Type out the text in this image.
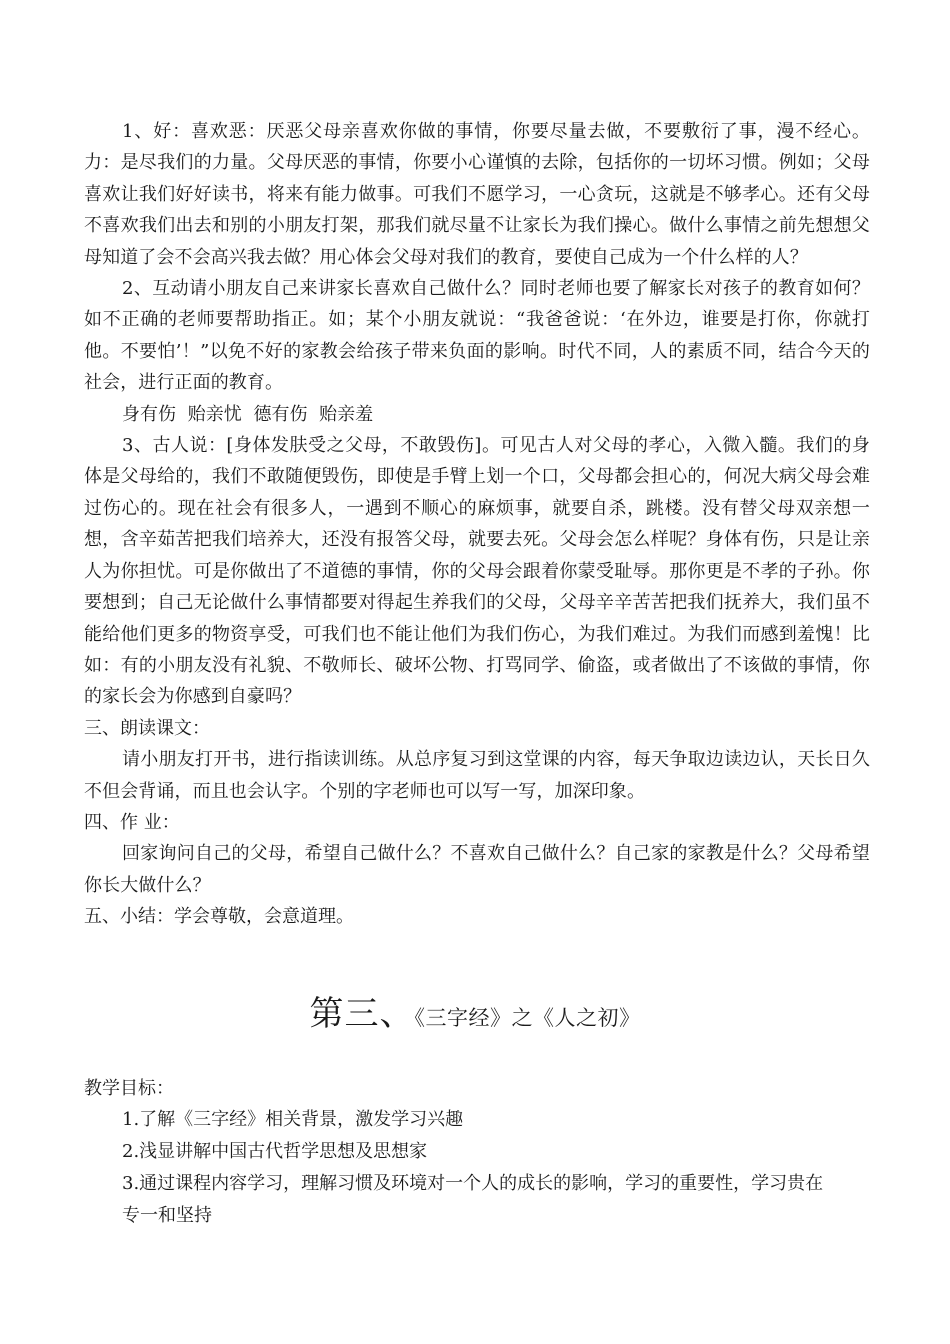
1、好：喜欢恶：厌恶父母亲喜欢你做的事情，你要尽量去做，不要敷衍了事，漫不经心。力：是尽我们的力量。父母厌恶的事情，你要小心谨慎的去除，包括你的一切坏习惯。例如；父母喜欢让我们好好读书，将来有能力做事。可我们不愿学习，一心贪玩，这就是不够孝心。还有父母不喜欢我们出去和别的小朋友打架，那我们就尽量不让家长为我们操心。做什么事情之前先想想父母知道了会不会高兴我去做？用心体会父母对我们的教育，要使自己成为一个什么样的人？

2、互动请小朋友自己来讲家长喜欢自己做什么？同时老师也要了解家长对孩子的教育如何？如不正确的老师要帮助指正。如；某个小朋友就说：“我爸爸说：‘在外边，谁要是打你，你就打他。不要怕’！”以免不好的家教会给孩子带来负面的影响。时代不同，人的素质不同，结合今天的社会，进行正面的教育。

身有伤 贻亲忧 德有伤 贻亲羞

3、古人说：[身体发肤受之父母，不敢毁伤]。可见古人对父母的孝心，入微入髓。我们的身体是父母给的，我们不敢随便毁伤，即使是手臂上划一个口，父母都会担心的，何况大病父母会难过伤心的。现在社会有很多人，一遇到不顺心的麻烦事，就要自杀，跳楼。没有替父母双亲想一想，含辛茹苦把我们培养大，还没有报答父母，就要去死。父母会怎么样呢？身体有伤，只是让亲人为你担忧。可是你做出了不道德的事情，你的父母会跟着你蒙受耻辱。那你更是不孝的子孙。你要想到；自己无论做什么事情都要对得起生养我们的父母，父母辛辛苦苦把我们抚养大，我们虽不能给他们更多的物资享受，可我们也不能让他们为我们伤心，为我们难过。为我们而感到羞愧！比如：有的小朋友没有礼貌、不敬师长、破坏公物、打骂同学、偷盗，或者做出了不该做的事情，你的家长会为你感到自豪吗？

三、朗读课文：

请小朋友打开书，进行指读训练。从总序复习到这堂课的内容，每天争取边读边认，天长日久不但会背诵，而且也会认字。个别的字老师也可以写一写，加深印象。

四、作 业：

回家询问自己的父母，希望自己做什么？不喜欢自己做什么？自己家的家教是什么？父母希望你长大做什么？

五、小结：学会尊敬，会意道理。

第三、《三字经》之《人之初》

教学目标：

1.了解《三字经》相关背景，激发学习兴趣

2.浅显讲解中国古代哲学思想及思想家

3.通过课程内容学习，理解习惯及环境对一个人的成长的影响，学习的重要性，学习贵在

专一和坚持
